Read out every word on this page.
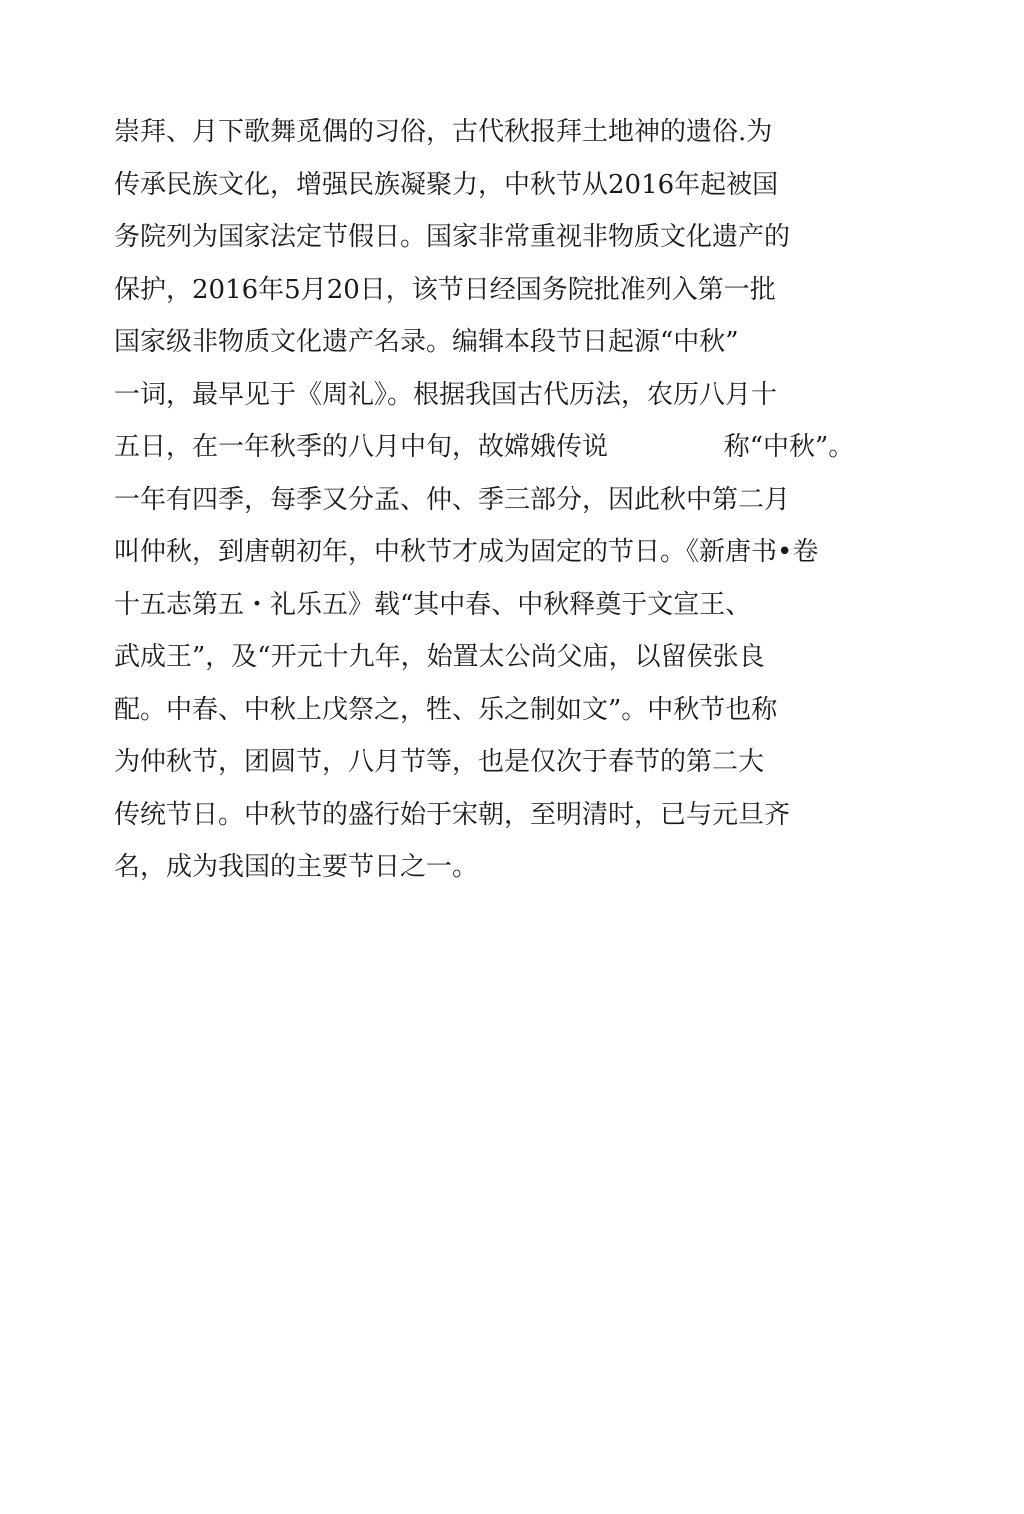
崇拜、月下歌舞觅偶的习俗，古代秋报拜土地神的遗俗.为
传承民族文化，增强民族凝聚力，中秋节从2016年起被国
务院列为国家法定节假日。国家非常重视非物质文化遗产的
保护，2016年5月20日，该节日经国务院批准列入第一批
国家级非物质文化遗产名录。编辑本段节日起源“中秋”
一词，最早见于《周礼》。根据我国古代历法，农历八月十
五日，在一年秋季的八月中旬，故嫦娥传说              称“中秋”。
一年有四季，每季又分孟、仲、季三部分，因此秋中第二月
叫仲秋，到唐朝初年，中秋节才成为固定的节日。《新唐书•卷
十五志第五・礼乐五》载“其中春、中秋释奠于文宣王、
武成王”，及“开元十九年，始置太公尚父庙，以留侯张良
配。中春、中秋上戊祭之，牲、乐之制如文”。中秋节也称
为仲秋节，团圆节，八月节等，也是仅次于春节的第二大
传统节日。中秋节的盛行始于宋朝，至明清时，已与元旦齐
名，成为我国的主要节日之一。
